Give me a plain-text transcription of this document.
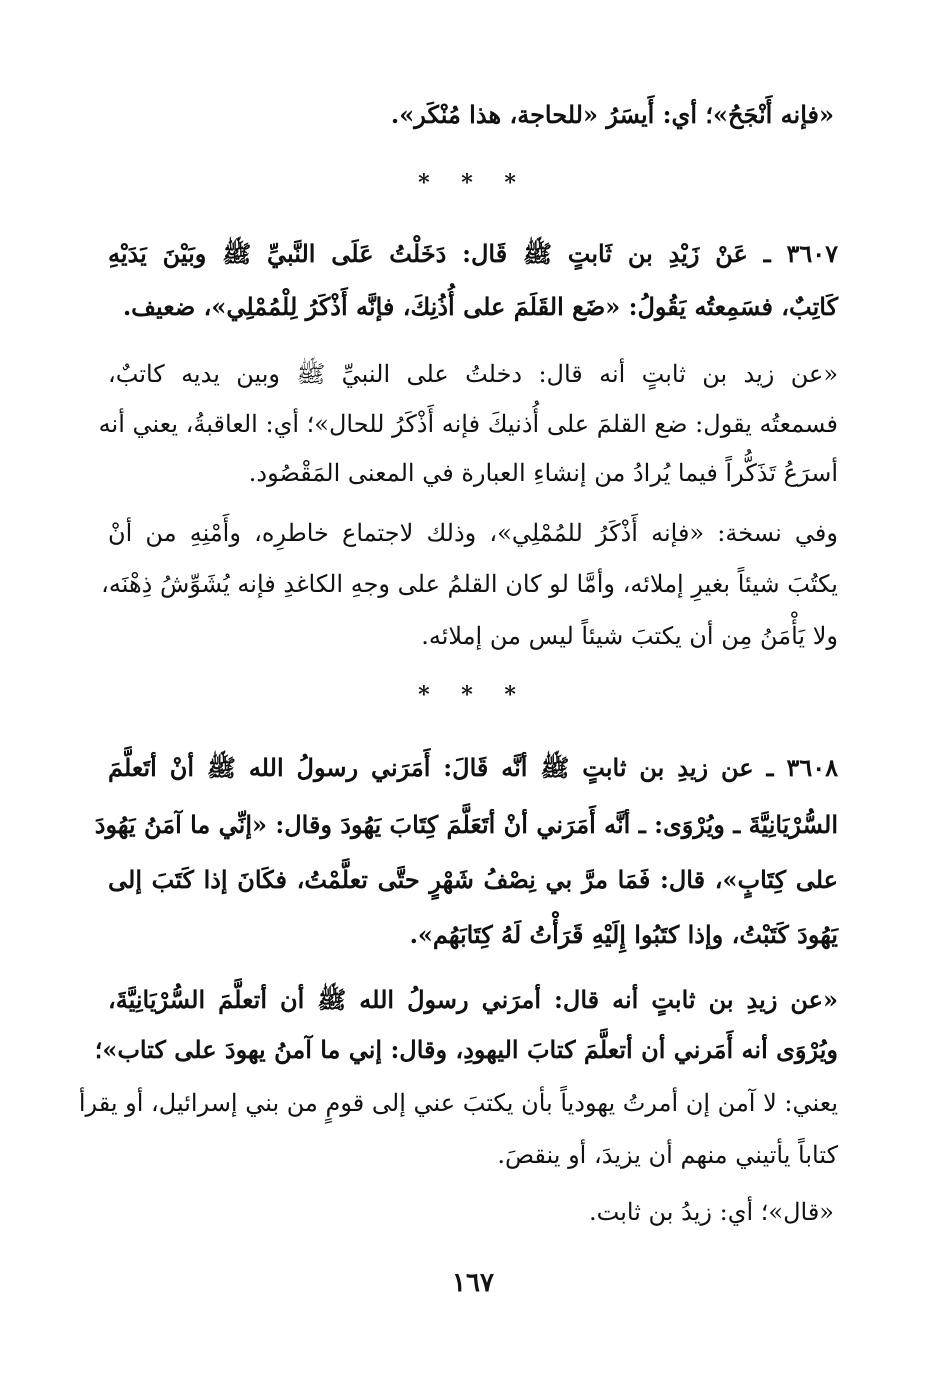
«فإنه أَنْجَحُ»؛ أي: أَيسَرُ «للحاجة، هذا مُنْكَر».
* * *
٣٦٠٧ ـ عَنْ زَيْدِ بن ثَابتٍ ﷺ قَال: دَخَلْتُ عَلَى النَّبيِّ ﷺ وبَيْنَ يَدَيْهِ
كَاتِبٌ، فسَمِعتُه يَقُولُ: «ضَع القَلَمَ على أُذُنِكَ، فإنَّه أَذْكَرُ لِلْمُمْلِي»، ضعيف.
«عن زيد بن ثابتٍ أنه قال: دخلتُ على النبيِّ ﷺ وبين يديه كاتبٌ،
فسمعتُه يقول: ضع القلمَ على أُذنيكَ فإنه أَذْكَرُ للحال»؛ أي: العاقبةُ، يعني أنه
أسرَعُ تَذَكُّراً فيما يُرادُ من إنشاءِ العبارة في المعنى المَقْصُود.
وفي نسخة: «فإنه أَذْكَرُ للمُمْلِي»، وذلك لاجتماع خاطرِه، وأَمْنِهِ من أنْ
يكتُبَ شيئاً بغيرِ إملائه، وأمَّا لو كان القلمُ على وجهِ الكاغدِ فإنه يُشَوِّشُ ذِهْنَه،
ولا يَأْمَنُ مِن أن يكتبَ شيئاً ليس من إملائه.
* * *
٣٦٠٨ ـ عن زيدِ بن ثابتٍ ﷺ أنَّه قَالَ: أَمَرَني رسولُ الله ﷺ أنْ أتَعلَّمَ
السُّرْيَانِيَّةَ ـ ويُرْوَى: ـ أنَّه أَمَرَني أنْ أتَعَلَّمَ كِتَابَ يَهُودَ وقال: «إنِّي ما آمَنُ يَهُودَ
على كِتَابٍ»، قال: فَمَا مرَّ بي نِصْفُ شَهْرٍ حتَّى تعلَّمْتُ، فكَانَ إذا كَتَبَ إلى
يَهُودَ كَتَبْتُ، وإذا كتَبُوا إِلَيْهِ قَرَأْتُ لَهُ كِتَابَهُم».
«عن زيدِ بن ثابتٍ أنه قال: أمرَني رسولُ الله ﷺ أن أتعلَّمَ السُّرْيَانِيَّةَ،
ويُرْوَى أنه أَمَرني أن أتعلَّمَ كتابَ اليهودِ، وقال: إني ما آمنُ يهودَ على كتاب»؛
يعني: لا آمن إن أمرتُ يهودياً بأن يكتبَ عني إلى قومٍ من بني إسرائيل، أو يقرأ
كتاباً يأتيني منهم أن يزيدَ، أو ينقصَ.
«قال»؛ أي: زيدُ بن ثابت.
١٦٧
